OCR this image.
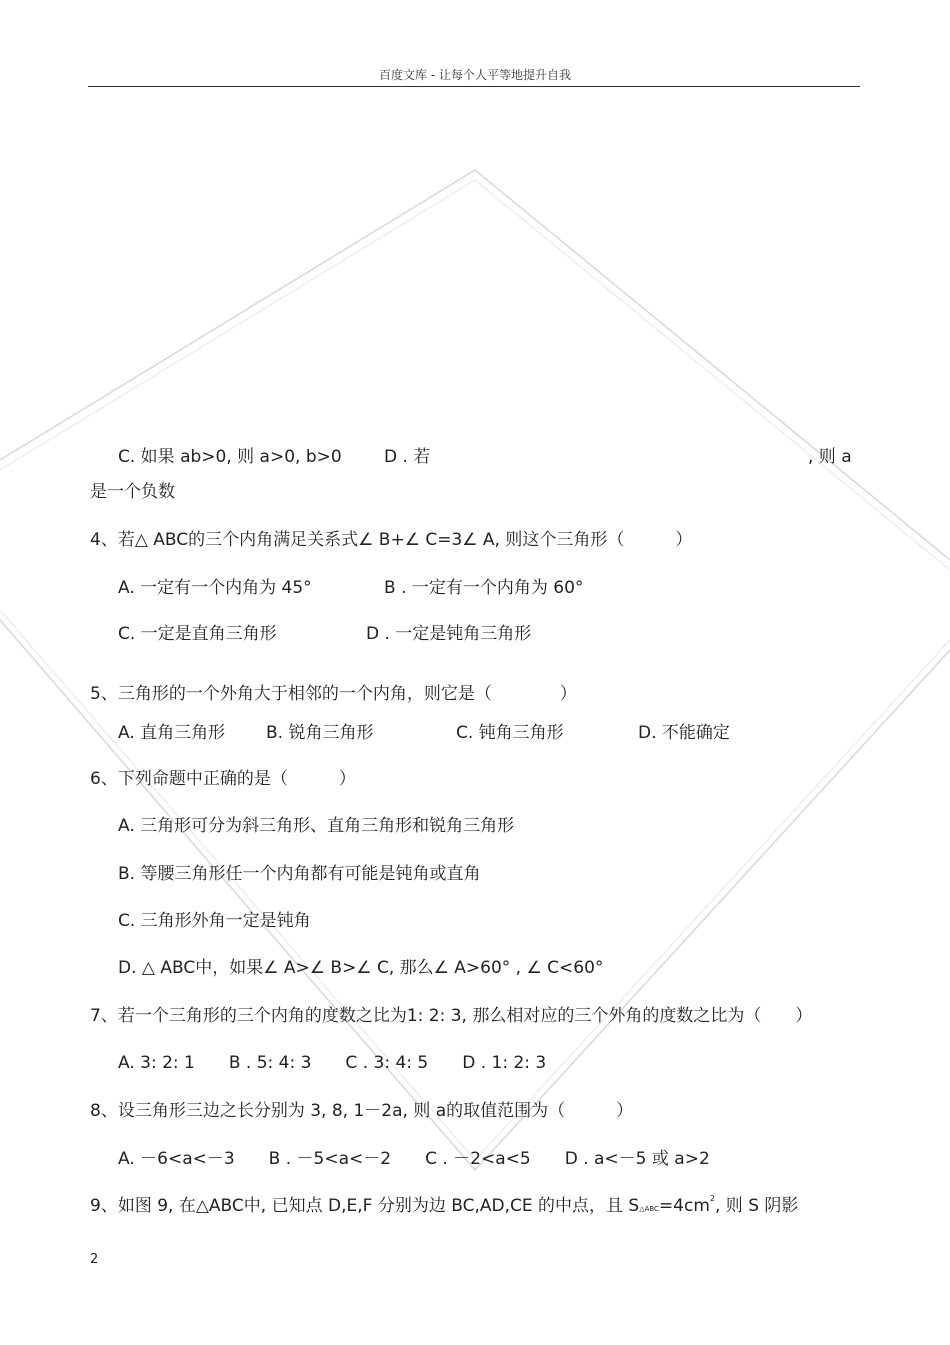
百度文库 - 让每个人平等地提升自我
C. 如果 ab>0, 则 a>0, b>0 D . 若	, 则 a
是一个负数
4、若△ ABC的三个内角满足关系式∠ B+∠ C=3∠ A, 则这个三角形（　　　）
A. 一定有一个内角为 45°	B . 一定有一个内角为 60°
C. 一定是直角三角形	D . 一定是钝角三角形
5、三角形的一个外角大于相邻的一个内角，则它是（　　　　）
A. 直角三角形 B. 锐角三角形	C. 钝角三角形	D. 不能确定
6、下列命题中正确的是（　　　）
A. 三角形可分为斜三角形、直角三角形和锐角三角形
B. 等腰三角形任一个内角都有可能是钝角或直角
C. 三角形外角一定是钝角
D. △ ABC中，如果∠ A>∠ B>∠ C, 那么∠ A>60° , ∠ C<60°
7、若一个三角形的三个内角的度数之比为1: 2: 3, 那么相对应的三个外角的度数之比为（　　）
A. 3: 2: 1　　B . 5: 4: 3　　C . 3: 4: 5　　D . 1: 2: 3
8、设三角形三边之长分别为 3, 8, 1－2a, 则 a的取值范围为（　　　）
A. －6<a<－3　　B . －5<a<－2　　C . －2<a<5　　D . a<－5 或 a>2
9、如图 9, 在△ABC中, 已知点 D,E,F 分别为边 BC,AD,CE 的中点，且 $S\triangle ABC=4cm^2$, 则 S 阴影
2
